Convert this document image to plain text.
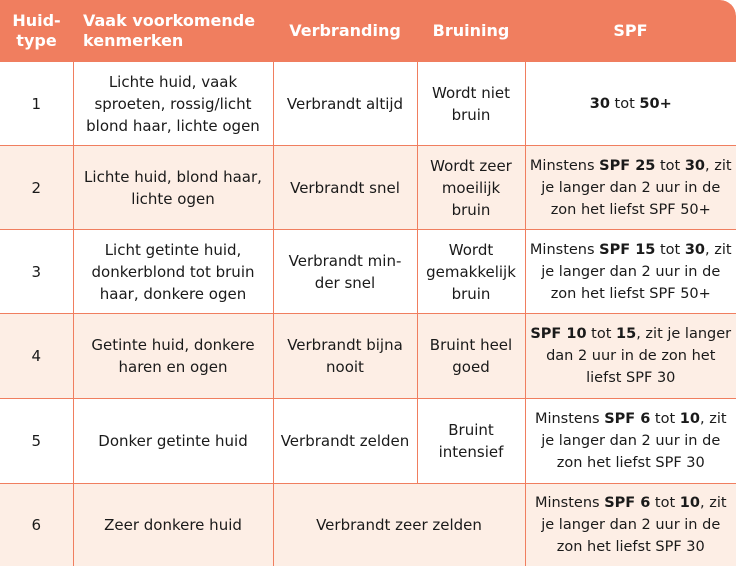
Huid-
type	Vaak voorkomende kenmerken	Verbranding	Bruining	SPF
1	Lichte huid, vaak sproeten, rossig/licht blond haar, lichte ogen	Verbrandt altijd	Wordt niet bruin	30 tot 50+
2	Lichte huid, blond haar, lichte ogen	Verbrandt snel	Wordt zeer moeilijk bruin	Minstens SPF 25 tot 30, zit je langer dan 2 uur in de zon het liefst SPF 50+
3	Licht getinte huid, donkerblond tot bruin haar, donkere ogen	Verbrandt min-der snel	Wordt gemakkelijk bruin	Minstens SPF 15 tot 30, zit je langer dan 2 uur in de zon het liefst SPF 50+
4	Getinte huid, donkere haren en ogen	Verbrandt bijna nooit	Bruint heel goed	SPF 10 tot 15, zit je langer dan 2 uur in de zon het liefst SPF 30
5	Donker getinte huid	Verbrandt zelden	Bruint intensief	Minstens SPF 6 tot 10, zit je langer dan 2 uur in de zon het liefst SPF 30
6	Zeer donkere huid	Verbrandt zeer zelden		Minstens SPF 6 tot 10, zit je langer dan 2 uur in de zon het liefst SPF 30
